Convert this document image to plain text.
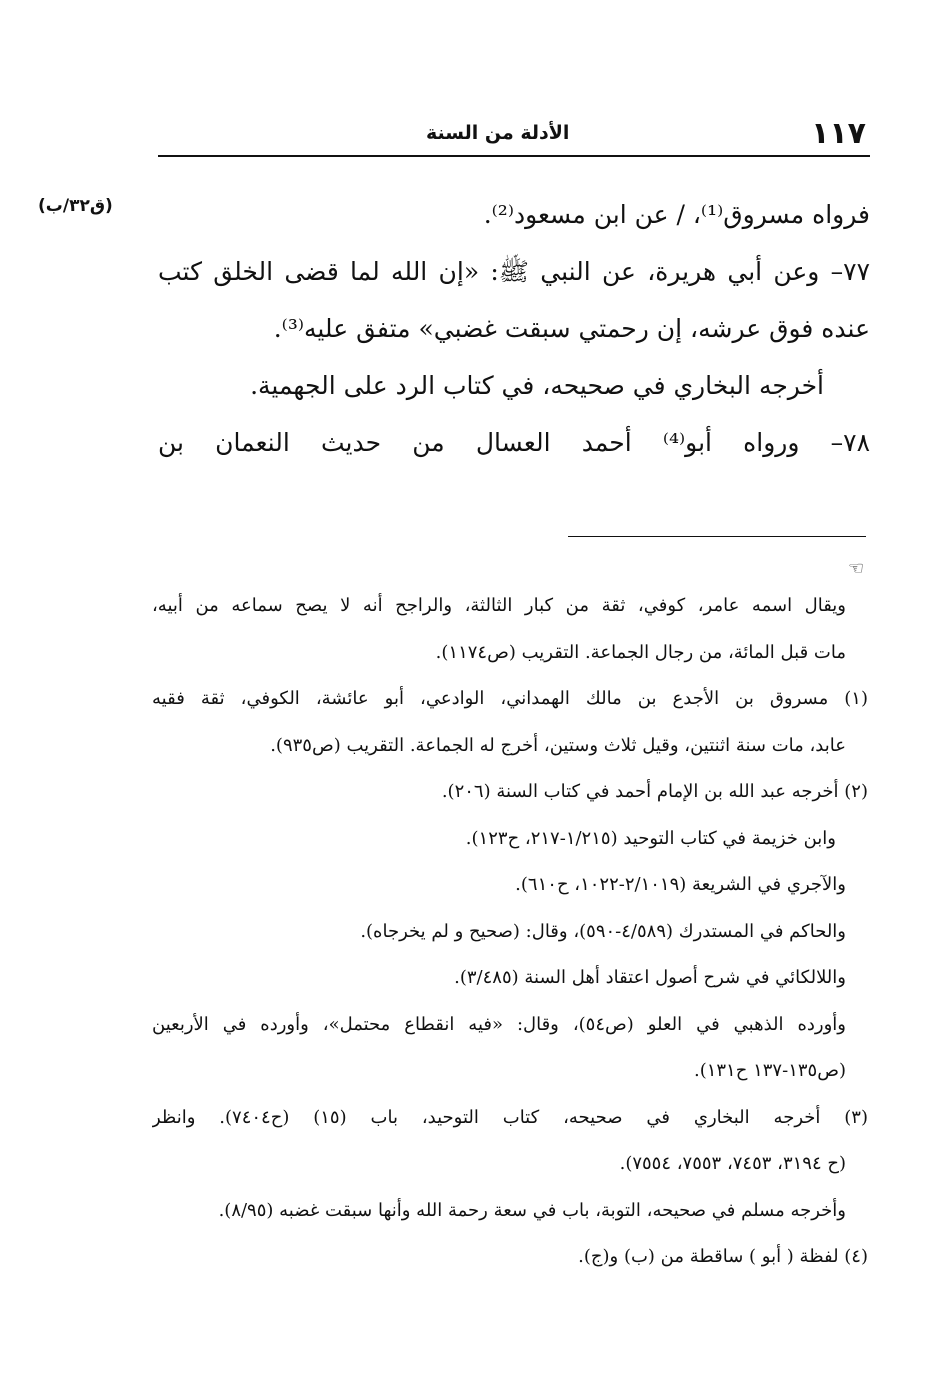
١١٧
الأدلة من السنة
(ق٣٢/ب)	فرواه مسروق⁽¹⁾، / عن ابن مسعود⁽²⁾.

٧٧– وعن أبي هريرة، عن النبي ﷺ: «إن الله لما قضى الخلق كتب

عنده فوق عرشه، إن رحمتي سبقت غضبي» متفق عليه⁽³⁾.

أخرجه البخاري في صحيحه، في كتاب الرد على الجهمية.

٧٨– ورواه أبو⁽⁴⁾ أحمد العسال من حديث النعمان بن

☜

ويقال اسمه عامر، كوفي، ثقة من كبار الثالثة، والراجح أنه لا يصح سماعه من أبيه،

مات قبل المائة، من رجال الجماعة. التقريب (ص١١٧٤).

(١) مسروق بن الأجدع بن مالك الهمداني، الوادعي، أبو عائشة، الكوفي، ثقة فقيه

عابد، مات سنة اثنتين، وقيل ثلاث وستين، أخرج له الجماعة. التقريب (ص٩٣٥).

(٢) أخرجه عبد الله بن الإمام أحمد في كتاب السنة (٢٠٦).

وابن خزيمة في كتاب التوحيد (١/٢١٥-٢١٧، ح١٢٣).

والآجري في الشريعة (٢/١٠١٩-١٠٢٢، ح٦١٠).

والحاكم في المستدرك (٤/٥٨٩-٥٩٠)، وقال: (صحيح و لم يخرجاه).

واللالكائي في شرح أصول اعتقاد أهل السنة (٣/٤٨٥).

وأورده الذهبي في العلو (ص٥٤)، وقال: «فيه انقطاع محتمل»، وأورده في الأربعين

(ص١٣٥-١٣٧ ح١٣١).

(٣) أخرجه البخاري في صحيحه، كتاب التوحيد، باب (١٥) (ح٧٤٠٤). وانظر

(ح ٣١٩٤، ٧٤٥٣، ٧٥٥٣، ٧٥٥٤).

وأخرجه مسلم في صحيحه، التوبة، باب في سعة رحمة الله وأنها سبقت غضبه (٨/٩٥).

(٤) لفظة ( أبو ) ساقطة من (ب) و(ج).
